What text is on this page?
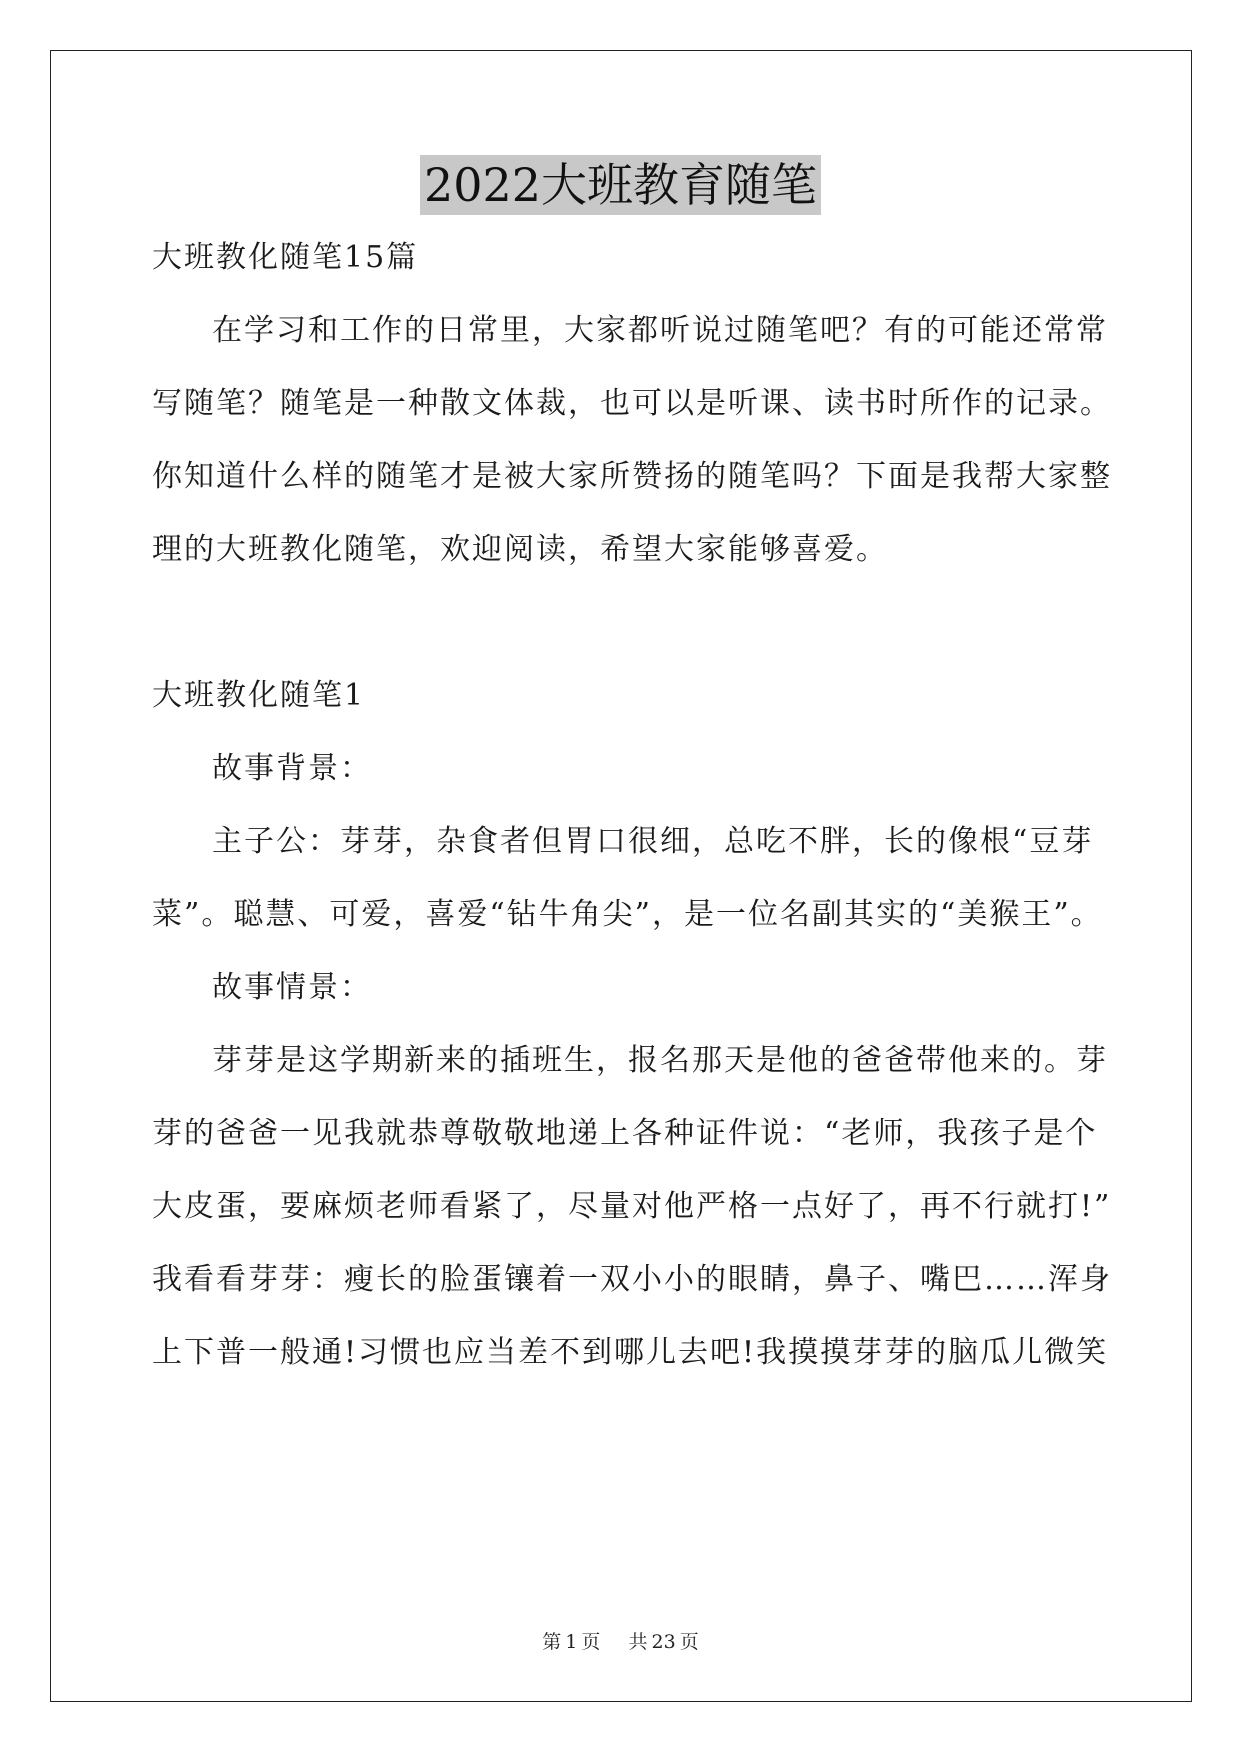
2022大班教育随笔
大班教化随笔15篇
在学习和工作的日常里，大家都听说过随笔吧？有的可能还常常
写随笔？随笔是一种散文体裁，也可以是听课、读书时所作的记录。
你知道什么样的随笔才是被大家所赞扬的随笔吗？下面是我帮大家整
理的大班教化随笔，欢迎阅读，希望大家能够喜爱。
大班教化随笔1
故事背景：
主子公：芽芽，杂食者但胃口很细，总吃不胖，长的像根“豆芽
菜”。聪慧、可爱，喜爱“钻牛角尖”，是一位名副其实的“美猴王”。
故事情景：
芽芽是这学期新来的插班生，报名那天是他的爸爸带他来的。芽
芽的爸爸一见我就恭尊敬敬地递上各种证件说：“老师，我孩子是个
大皮蛋，要麻烦老师看紧了，尽量对他严格一点好了，再不行就打!”
我看看芽芽：瘦长的脸蛋镶着一双小小的眼睛，鼻子、嘴巴……浑身
上下普一般通!习惯也应当差不到哪儿去吧!我摸摸芽芽的脑瓜儿微笑
第 1 页 共 23 页
